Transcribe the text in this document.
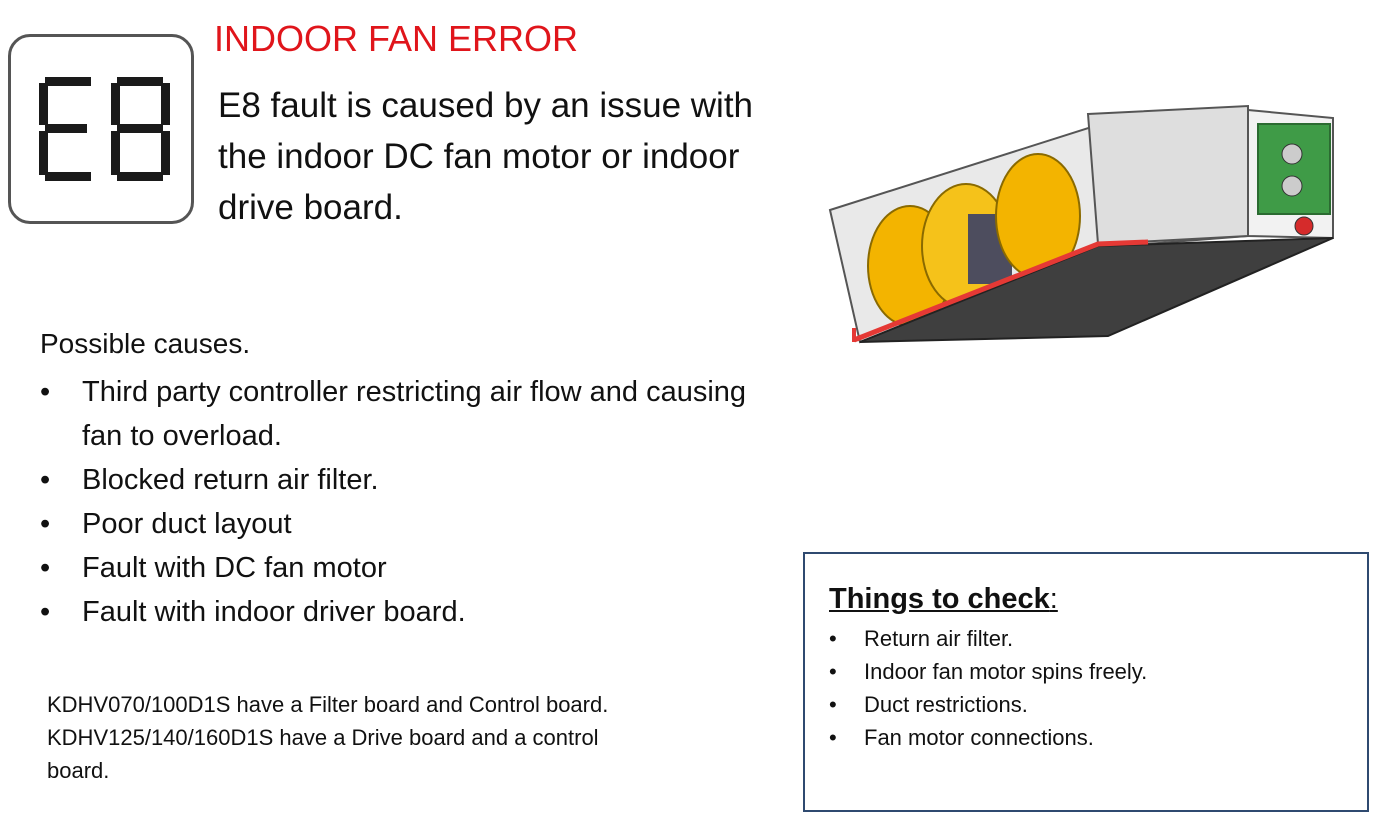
INDOOR FAN ERROR
E8 fault is caused by an issue with the indoor DC fan motor or indoor drive board.
Possible causes.
• Third party controller restricting air flow and causing fan to overload.
• Blocked return air filter.
• Poor duct layout
• Fault with DC fan motor
• Fault with indoor driver board.
KDHV070/100D1S have a Filter board and Control board.
KDHV125/140/160D1S have a Drive board and a control board.
Things to check:
• Return air filter.
• Indoor fan motor spins freely.
• Duct restrictions.
• Fan motor connections.
